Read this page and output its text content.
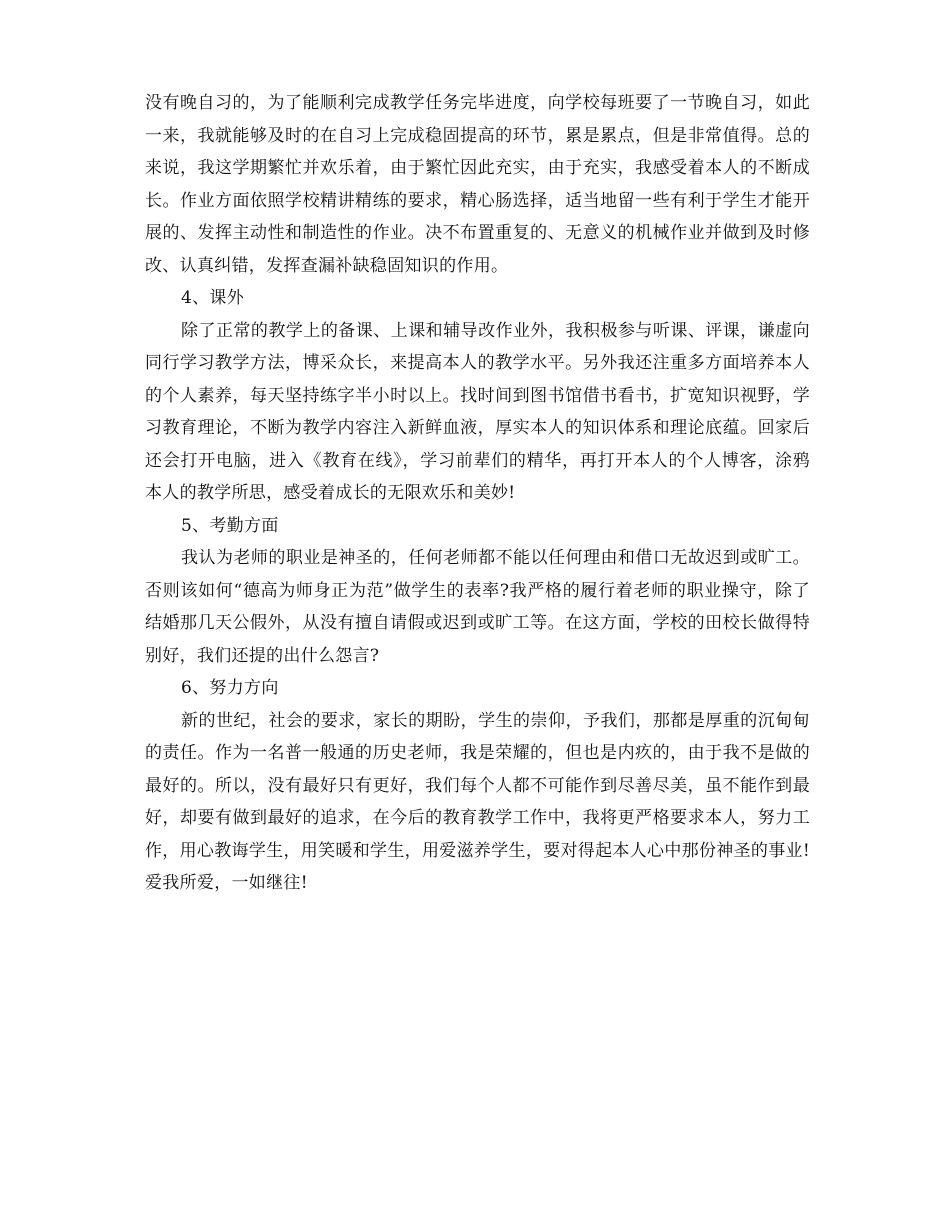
没有晚自习的，为了能顺利完成教学任务完毕进度，向学校每班要了一节晚自习，如此一来，我就能够及时的在自习上完成稳固提高的环节，累是累点，但是非常值得。总的来说，我这学期繁忙并欢乐着，由于繁忙因此充实，由于充实，我感受着本人的不断成长。作业方面依照学校精讲精练的要求，精心肠选择，适当地留一些有利于学生才能开展的、发挥主动性和制造性的作业。决不布置重复的、无意义的机械作业并做到及时修改、认真纠错，发挥查漏补缺稳固知识的作用。

4、课外

除了正常的教学上的备课、上课和辅导改作业外，我积极参与听课、评课，谦虚向同行学习教学方法，博采众长，来提高本人的教学水平。另外我还注重多方面培养本人的个人素养，每天坚持练字半小时以上。找时间到图书馆借书看书，扩宽知识视野，学习教育理论，不断为教学内容注入新鲜血液，厚实本人的知识体系和理论底蕴。回家后还会打开电脑，进入《教育在线》，学习前辈们的精华，再打开本人的个人博客，涂鸦本人的教学所思，感受着成长的无限欢乐和美妙!

5、考勤方面

我认为老师的职业是神圣的，任何老师都不能以任何理由和借口无故迟到或旷工。否则该如何“德高为师身正为范”做学生的表率?我严格的履行着老师的职业操守，除了结婚那几天公假外，从没有擅自请假或迟到或旷工等。在这方面，学校的田校长做得特别好，我们还提的出什么怨言?

6、努力方向

新的世纪，社会的要求，家长的期盼，学生的崇仰，予我们，那都是厚重的沉甸甸的责任。作为一名普一般通的历史老师，我是荣耀的，但也是内疚的，由于我不是做的最好的。所以，没有最好只有更好，我们每个人都不可能作到尽善尽美，虽不能作到最好，却要有做到最好的追求，在今后的教育教学工作中，我将更严格要求本人，努力工作，用心教诲学生，用笑暖和学生，用爱滋养学生，要对得起本人心中那份神圣的事业!爱我所爱，一如继往!
